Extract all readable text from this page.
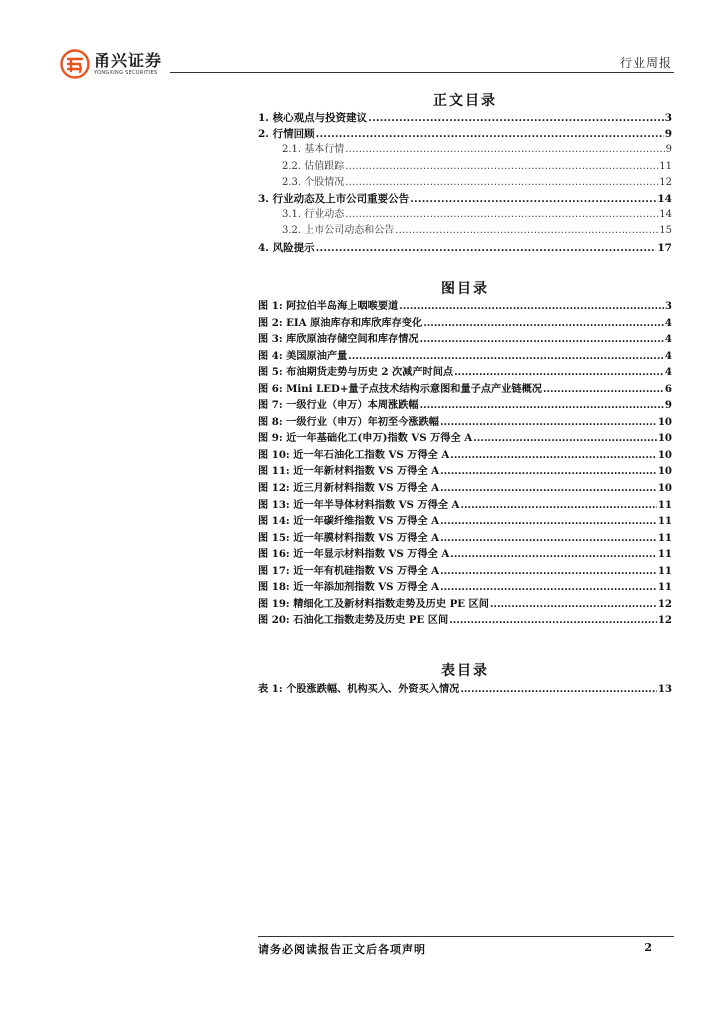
甬兴证券
YONGXING SECURITIES
行业周报
正文目录
1. 核心观点与投资建议 .....	3
2. 行情回顾 .....	9
2.1. 基本行情 .....	9
2.2. 估值跟踪 .....	11
2.3. 个股情况 .....	12
3. 行业动态及上市公司重要公告 .....	14
3.1. 行业动态 .....	14
3.2. 上市公司动态和公告 .....	15
4. 风险提示 .....	17
图目录
图 1: 阿拉伯半岛海上咽喉要道 .....	3
图 2: EIA 原油库存和库欣库存变化 .....	4
图 3: 库欣原油存储空间和库存情况 .....	4
图 4: 美国原油产量 .....	4
图 5: 布油期货走势与历史 2 次减产时间点 .....	4
图 6: Mini LED+量子点技术结构示意图和量子点产业链概况 .....	6
图 7: 一级行业（申万）本周涨跌幅 .....	9
图 8: 一级行业（申万）年初至今涨跌幅 .....	10
图 9: 近一年基础化工(申万)指数 VS 万得全 A .....	10
图 10: 近一年石油化工指数 VS 万得全 A .....	10
图 11: 近一年新材料指数 VS 万得全 A .....	10
图 12: 近三月新材料指数 VS 万得全 A .....	10
图 13: 近一年半导体材料指数 VS 万得全 A .....	11
图 14: 近一年碳纤维指数 VS 万得全 A .....	11
图 15: 近一年膜材料指数 VS 万得全 A .....	11
图 16: 近一年显示材料指数 VS 万得全 A .....	11
图 17: 近一年有机硅指数 VS 万得全 A .....	11
图 18: 近一年添加剂指数 VS 万得全 A .....	11
图 19: 精细化工及新材料指数走势及历史 PE 区间 .....	12
图 20: 石油化工指数走势及历史 PE 区间 .....	12
表目录
表 1: 个股涨跌幅、机构买入、外资买入情况 .....	13
请务必阅读报告正文后各项声明	2
